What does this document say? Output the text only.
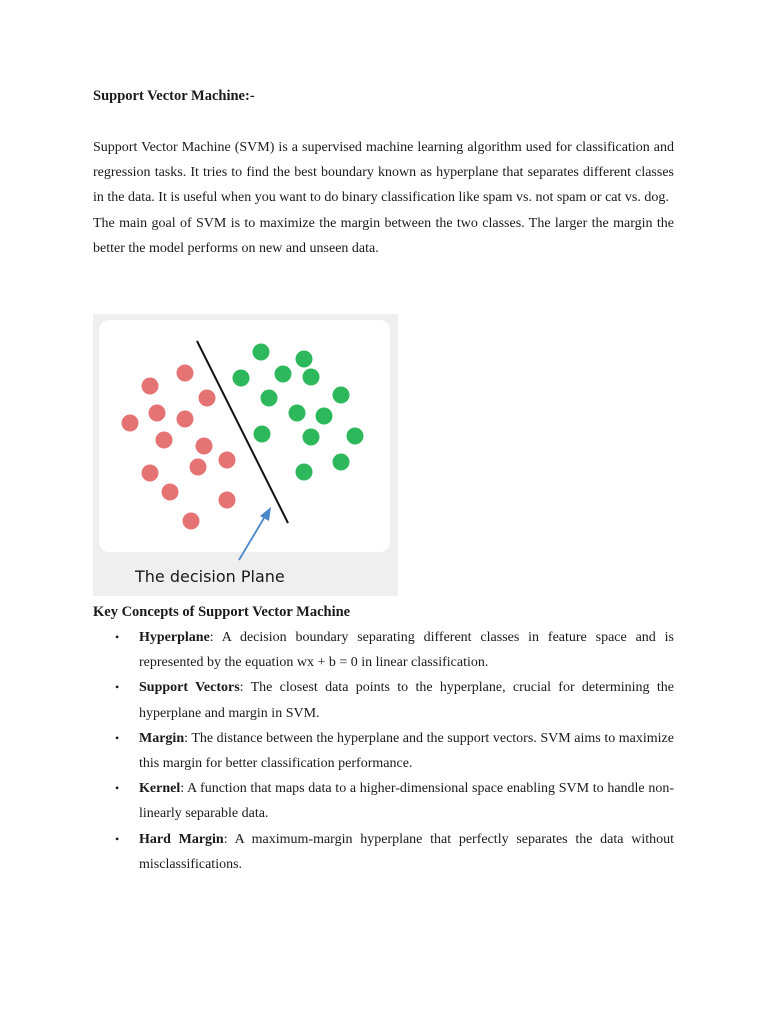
Support Vector Machine:-

Support Vector Machine (SVM) is a supervised machine learning algorithm used for classification and regression tasks. It tries to find the best boundary known as hyperplane that separates different classes in the data. It is useful when you want to do binary classification like spam vs. not spam or cat vs. dog.

The main goal of SVM is to maximize the margin between the two classes. The larger the margin the better the model performs on new and unseen data.

The decision Plane
Key Concepts of Support Vector Machine
• Hyperplane: A decision boundary separating different classes in feature space and is represented by the equation wx + b = 0 in linear classification.
• Support Vectors: The closest data points to the hyperplane, crucial for determining the hyperplane and margin in SVM.
• Margin: The distance between the hyperplane and the support vectors. SVM aims to maximize this margin for better classification performance.
• Kernel: A function that maps data to a higher-dimensional space enabling SVM to handle non-linearly separable data.
• Hard Margin: A maximum-margin hyperplane that perfectly separates the data without misclassifications.
